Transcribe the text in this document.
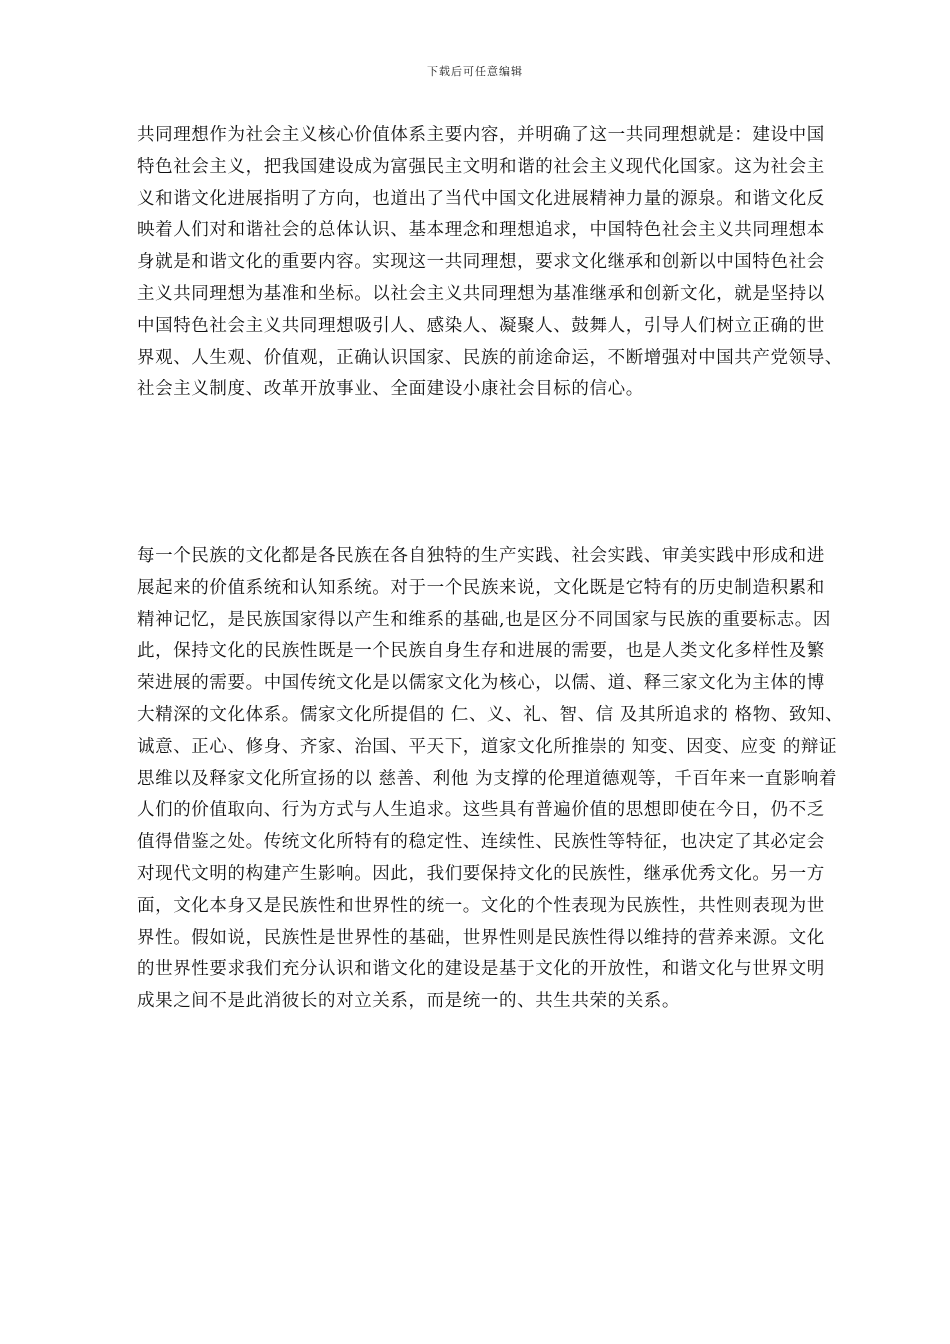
下载后可任意编辑
共同理想作为社会主义核心价值体系主要内容，并明确了这一共同理想就是：建设中国
特色社会主义，把我国建设成为富强民主文明和谐的社会主义现代化国家。这为社会主
义和谐文化进展指明了方向，也道出了当代中国文化进展精神力量的源泉。和谐文化反
映着人们对和谐社会的总体认识、基本理念和理想追求，中国特色社会主义共同理想本
身就是和谐文化的重要内容。实现这一共同理想，要求文化继承和创新以中国特色社会
主义共同理想为基准和坐标。以社会主义共同理想为基准继承和创新文化，就是坚持以
中国特色社会主义共同理想吸引人、感染人、凝聚人、鼓舞人，引导人们树立正确的世
界观、人生观、价值观，正确认识国家、民族的前途命运，不断增强对中国共产党领导、
社会主义制度、改革开放事业、全面建设小康社会目标的信心。
每一个民族的文化都是各民族在各自独特的生产实践、社会实践、审美实践中形成和进
展起来的价值系统和认知系统。对于一个民族来说，文化既是它特有的历史制造积累和
精神记忆，是民族国家得以产生和维系的基础,也是区分不同国家与民族的重要标志。因
此，保持文化的民族性既是一个民族自身生存和进展的需要，也是人类文化多样性及繁
荣进展的需要。中国传统文化是以儒家文化为核心，以儒、道、释三家文化为主体的博
大精深的文化体系。儒家文化所提倡的 仁、义、礼、智、信 及其所追求的 格物、致知、
诚意、正心、修身、齐家、治国、平天下，道家文化所推崇的 知变、因变、应变 的辩证
思维以及释家文化所宣扬的以 慈善、利他 为支撑的伦理道德观等，千百年来一直影响着
人们的价值取向、行为方式与人生追求。这些具有普遍价值的思想即使在今日，仍不乏
值得借鉴之处。传统文化所特有的稳定性、连续性、民族性等特征，也决定了其必定会
对现代文明的构建产生影响。因此，我们要保持文化的民族性，继承优秀文化。另一方
面，文化本身又是民族性和世界性的统一。文化的个性表现为民族性，共性则表现为世
界性。假如说，民族性是世界性的基础，世界性则是民族性得以维持的营养来源。文化
的世界性要求我们充分认识和谐文化的建设是基于文化的开放性，和谐文化与世界文明
成果之间不是此消彼长的对立关系，而是统一的、共生共荣的关系。
